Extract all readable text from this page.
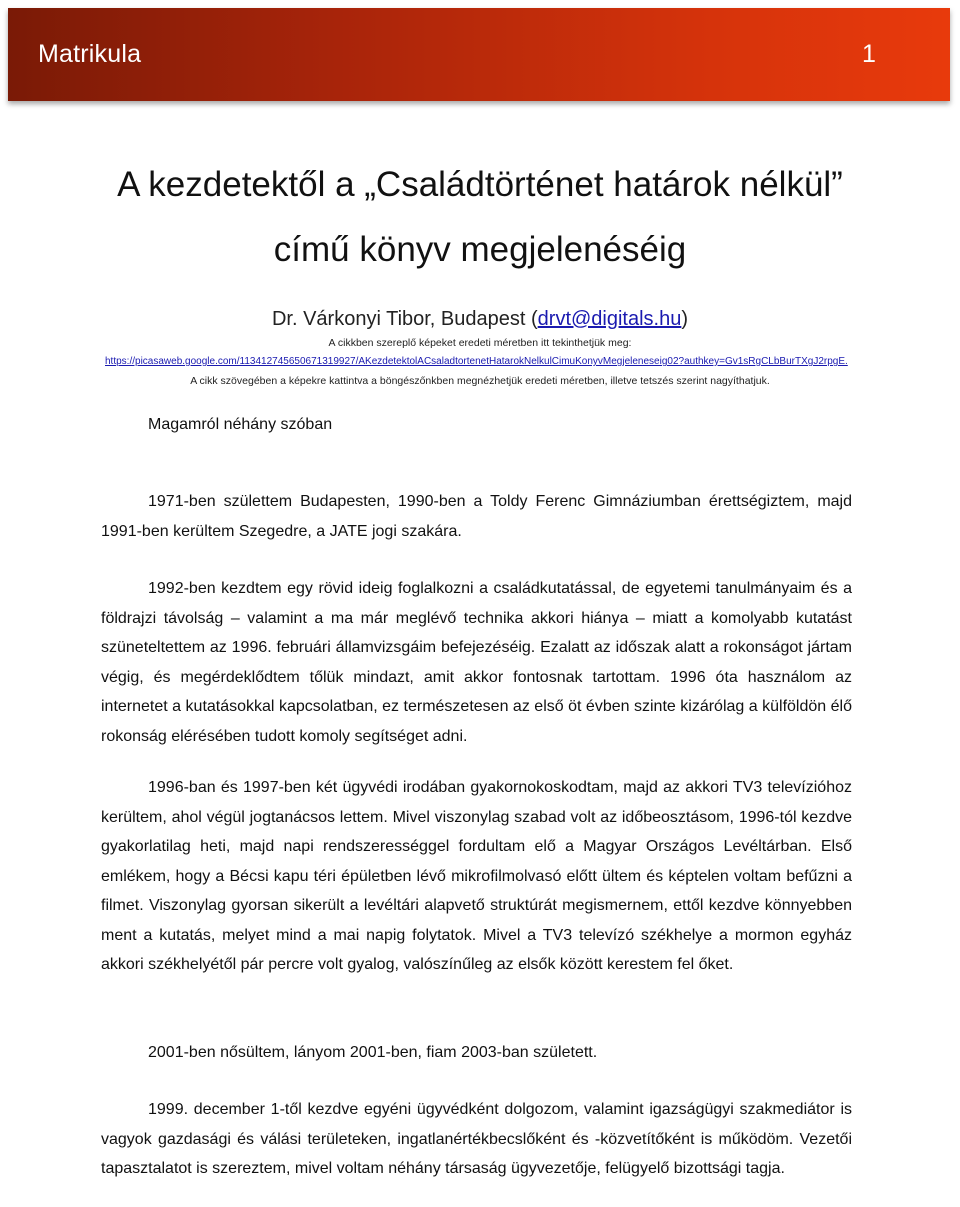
Matrikula	1
A kezdetektől a „Családtörténet határok nélkül”
című könyv megjelenéséig
Dr. Várkonyi Tibor, Budapest (drvt@digitals.hu)
A cikkben szereplő képeket eredeti méretben itt tekinthetjük meg:
https://picasaweb.google.com/113412745650671319927/AKezdetektolACsaladtortenetHatarokNelkulCimuKonyvMegjeleneseig02?authkey=Gv1sRgCLbBurTXgJ2rpgE.
A cikk szövegében a képekre kattintva a böngészőnkben megnézhetjük eredeti méretben, illetve tetszés szerint nagyíthatjuk.
Magamról néhány szóban
1971-ben születtem Budapesten, 1990-ben a Toldy Ferenc Gimnáziumban érettségiztem, majd 1991-ben kerültem Szegedre, a JATE jogi szakára.
1992-ben kezdtem egy rövid ideig foglalkozni a családkutatással, de egyetemi tanulmányaim és a földrajzi távolság – valamint a ma már meglévő technika akkori hiánya – miatt a komolyabb kutatást szüneteltettem az 1996. februári államvizsgáim befejezéséig. Ezalatt az időszak alatt a rokonságot jártam végig, és megérdeklődtem tőlük mindazt, amit akkor fontosnak tartottam. 1996 óta használom az internetet a kutatásokkal kapcsolatban, ez természetesen az első öt évben szinte kizárólag a külföldön élő rokonság elérésében tudott komoly segítséget adni.
1996-ban és 1997-ben két ügyvédi irodában gyakornokoskodtam, majd az akkori TV3 televízióhoz kerültem, ahol végül jogtanácsos lettem. Mivel viszonylag szabad volt az időbeosztásom, 1996-tól kezdve gyakorlatilag heti, majd napi rendszerességgel fordultam elő a Magyar Országos Levéltárban. Első emlékem, hogy a Bécsi kapu téri épületben lévő mikrofilmolvasó előtt ültem és képtelen voltam befűzni a filmet. Viszonylag gyorsan sikerült a levéltári alapvető struktúrát megismernem, ettől kezdve könnyebben ment a kutatás, melyet mind a mai napig folytatok. Mivel a TV3 televízó székhelye a mormon egyház akkori székhelyétől pár percre volt gyalog, valószínűleg az elsők között kerestem fel őket.
2001-ben nősültem, lányom 2001-ben, fiam 2003-ban született.
1999. december 1-től kezdve egyéni ügyvédként dolgozom, valamint igazságügyi szakmediátor is vagyok gazdasági és válási területeken, ingatlanértékbecslőként és -közvetítőként is működöm. Vezetői tapasztalatot is szereztem, mivel voltam néhány társaság ügyvezetője, felügyelő bizottsági tagja.
